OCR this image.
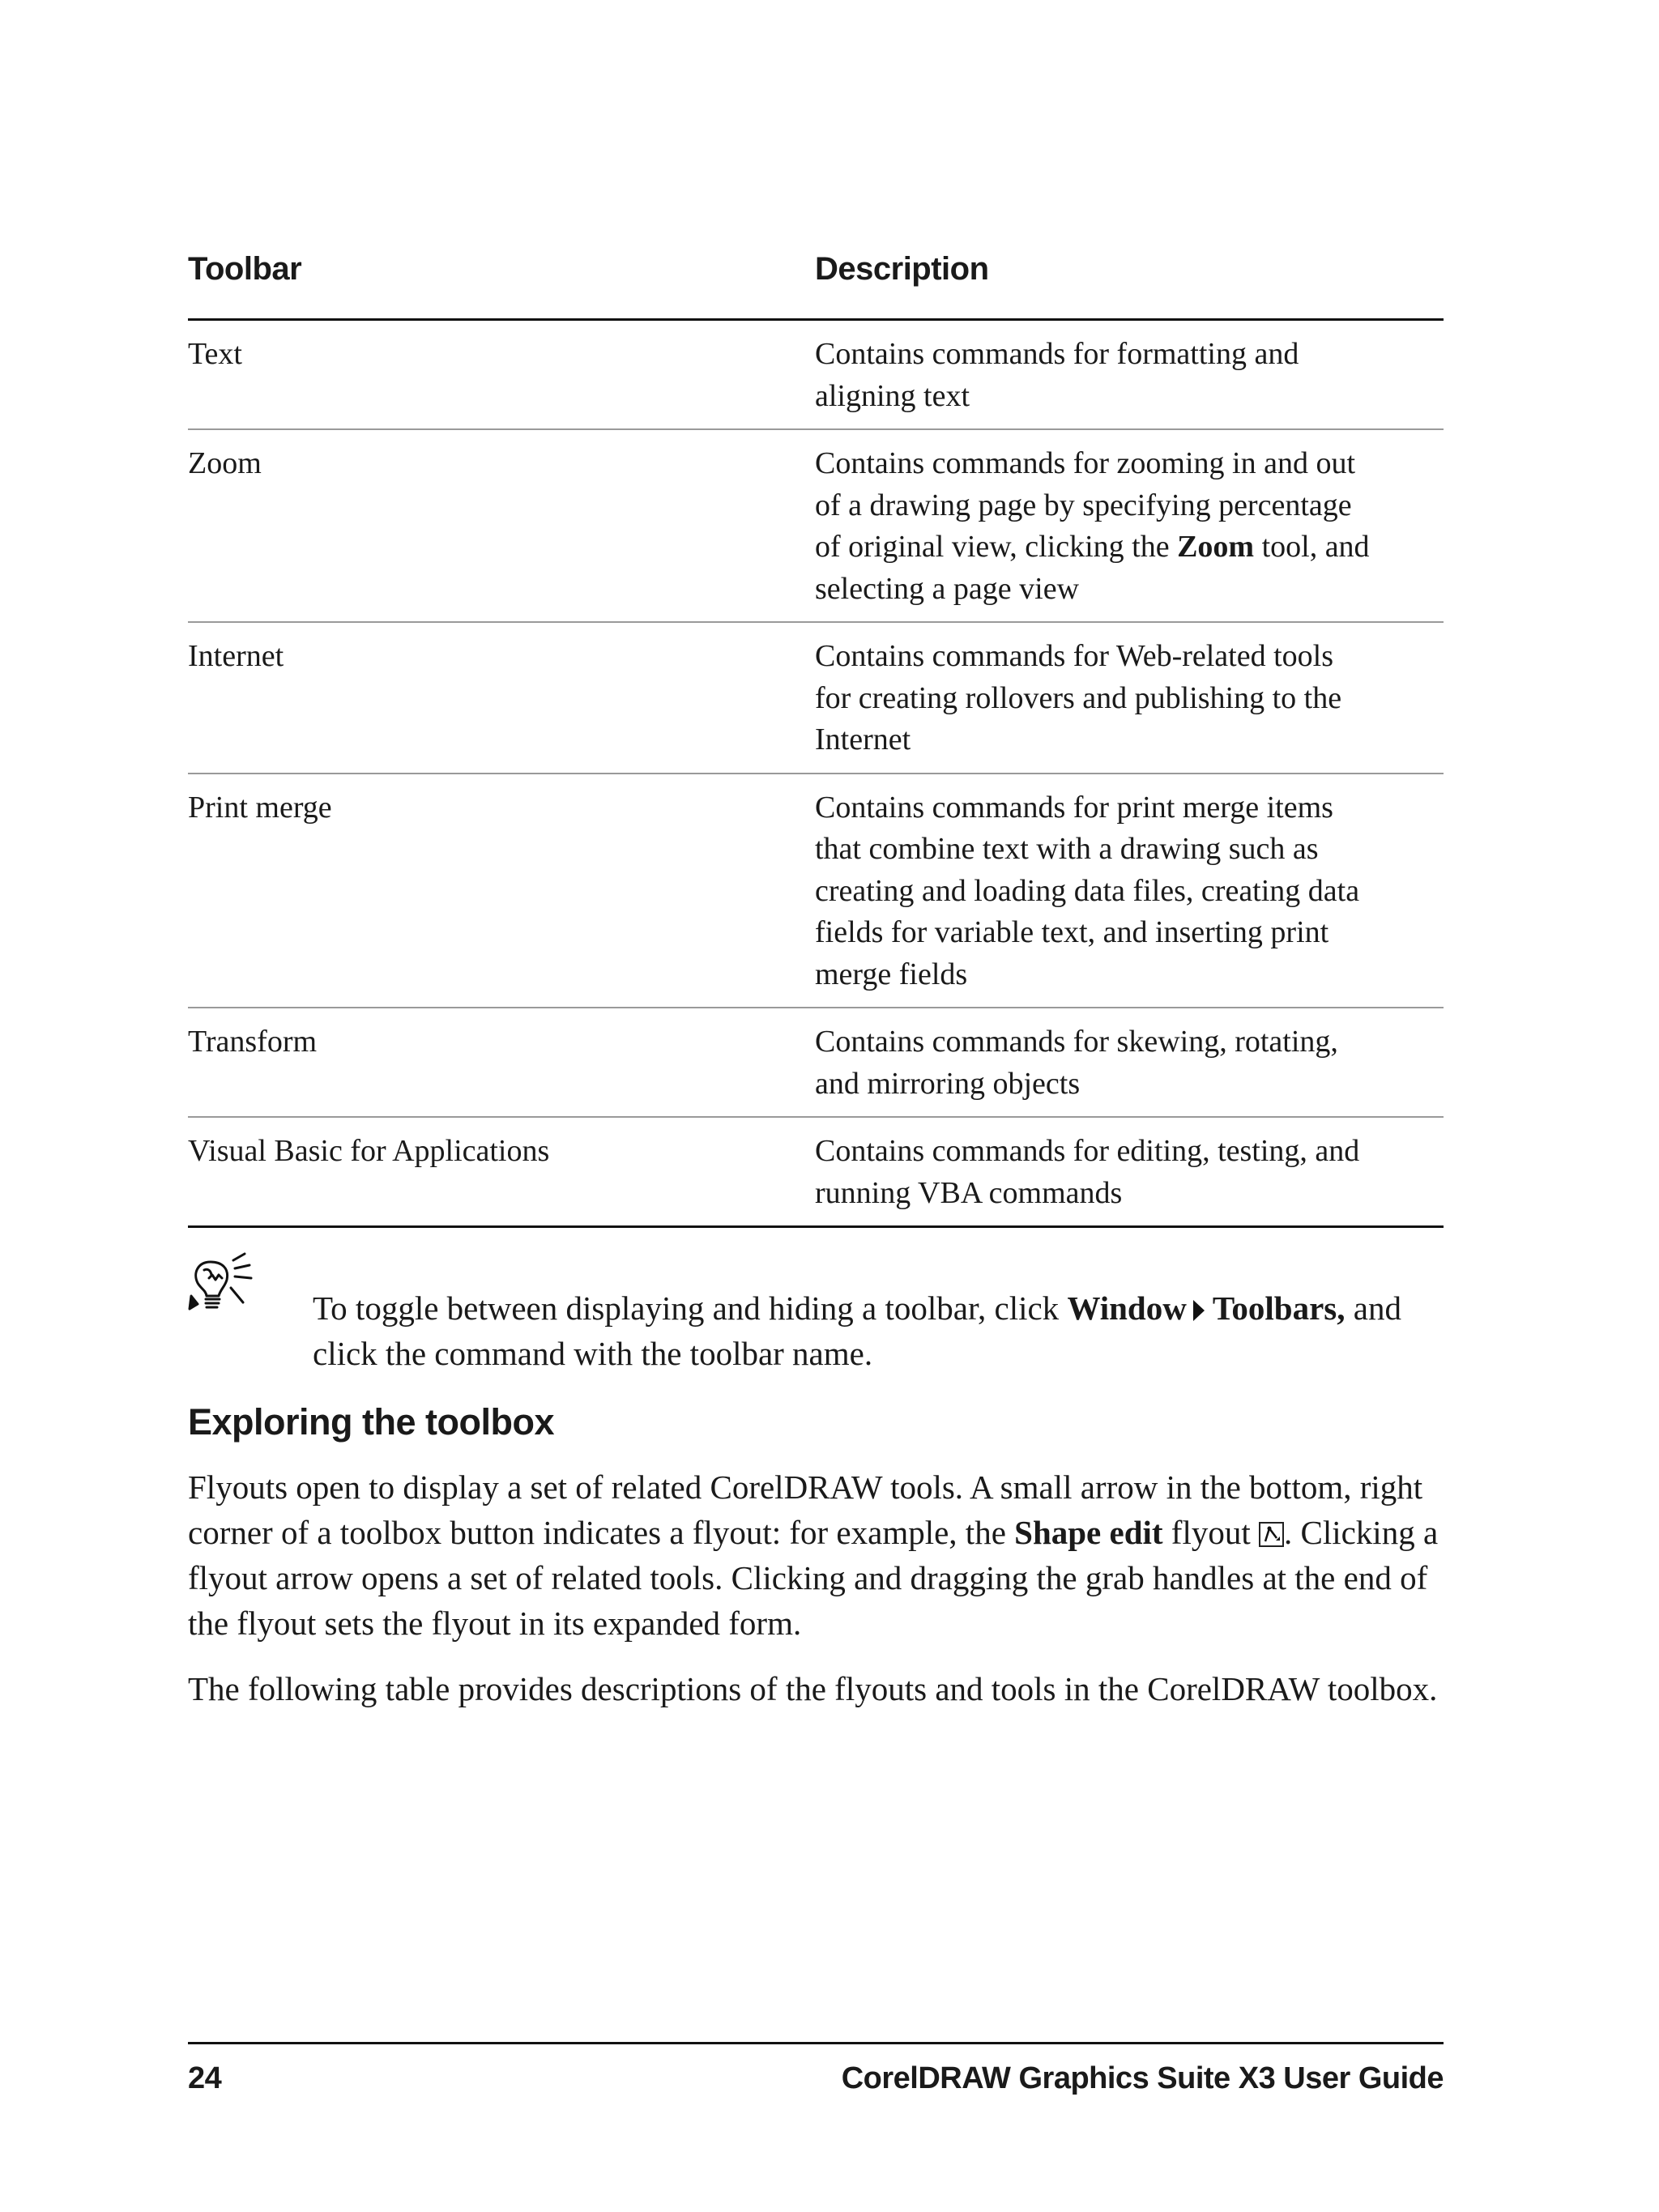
Toolbar	Description
Text	Contains commands for formatting and
aligning text
Zoom	Contains commands for zooming in and out
of a drawing page by specifying percentage
of original view, clicking the Zoom tool, and
selecting a page view
Internet	Contains commands for Web-related tools
for creating rollovers and publishing to the
Internet
Print merge	Contains commands for print merge items
that combine text with a drawing such as
creating and loading data files, creating data
fields for variable text, and inserting print
merge fields
Transform	Contains commands for skewing, rotating,
and mirroring objects
Visual Basic for Applications	Contains commands for editing, testing, and
running VBA commands
To toggle between displaying and hiding a toolbar, click Window Toolbars, and click the command with the toolbar name.
Exploring the toolbox
Flyouts open to display a set of related CorelDRAW tools. A small arrow in the bottom, right corner of a toolbox button indicates a flyout: for example, the Shape edit flyout . Clicking a flyout arrow opens a set of related tools. Clicking and dragging the grab handles at the end of the flyout sets the flyout in its expanded form.
The following table provides descriptions of the flyouts and tools in the CorelDRAW toolbox.
24	CorelDRAW Graphics Suite X3 User Guide
